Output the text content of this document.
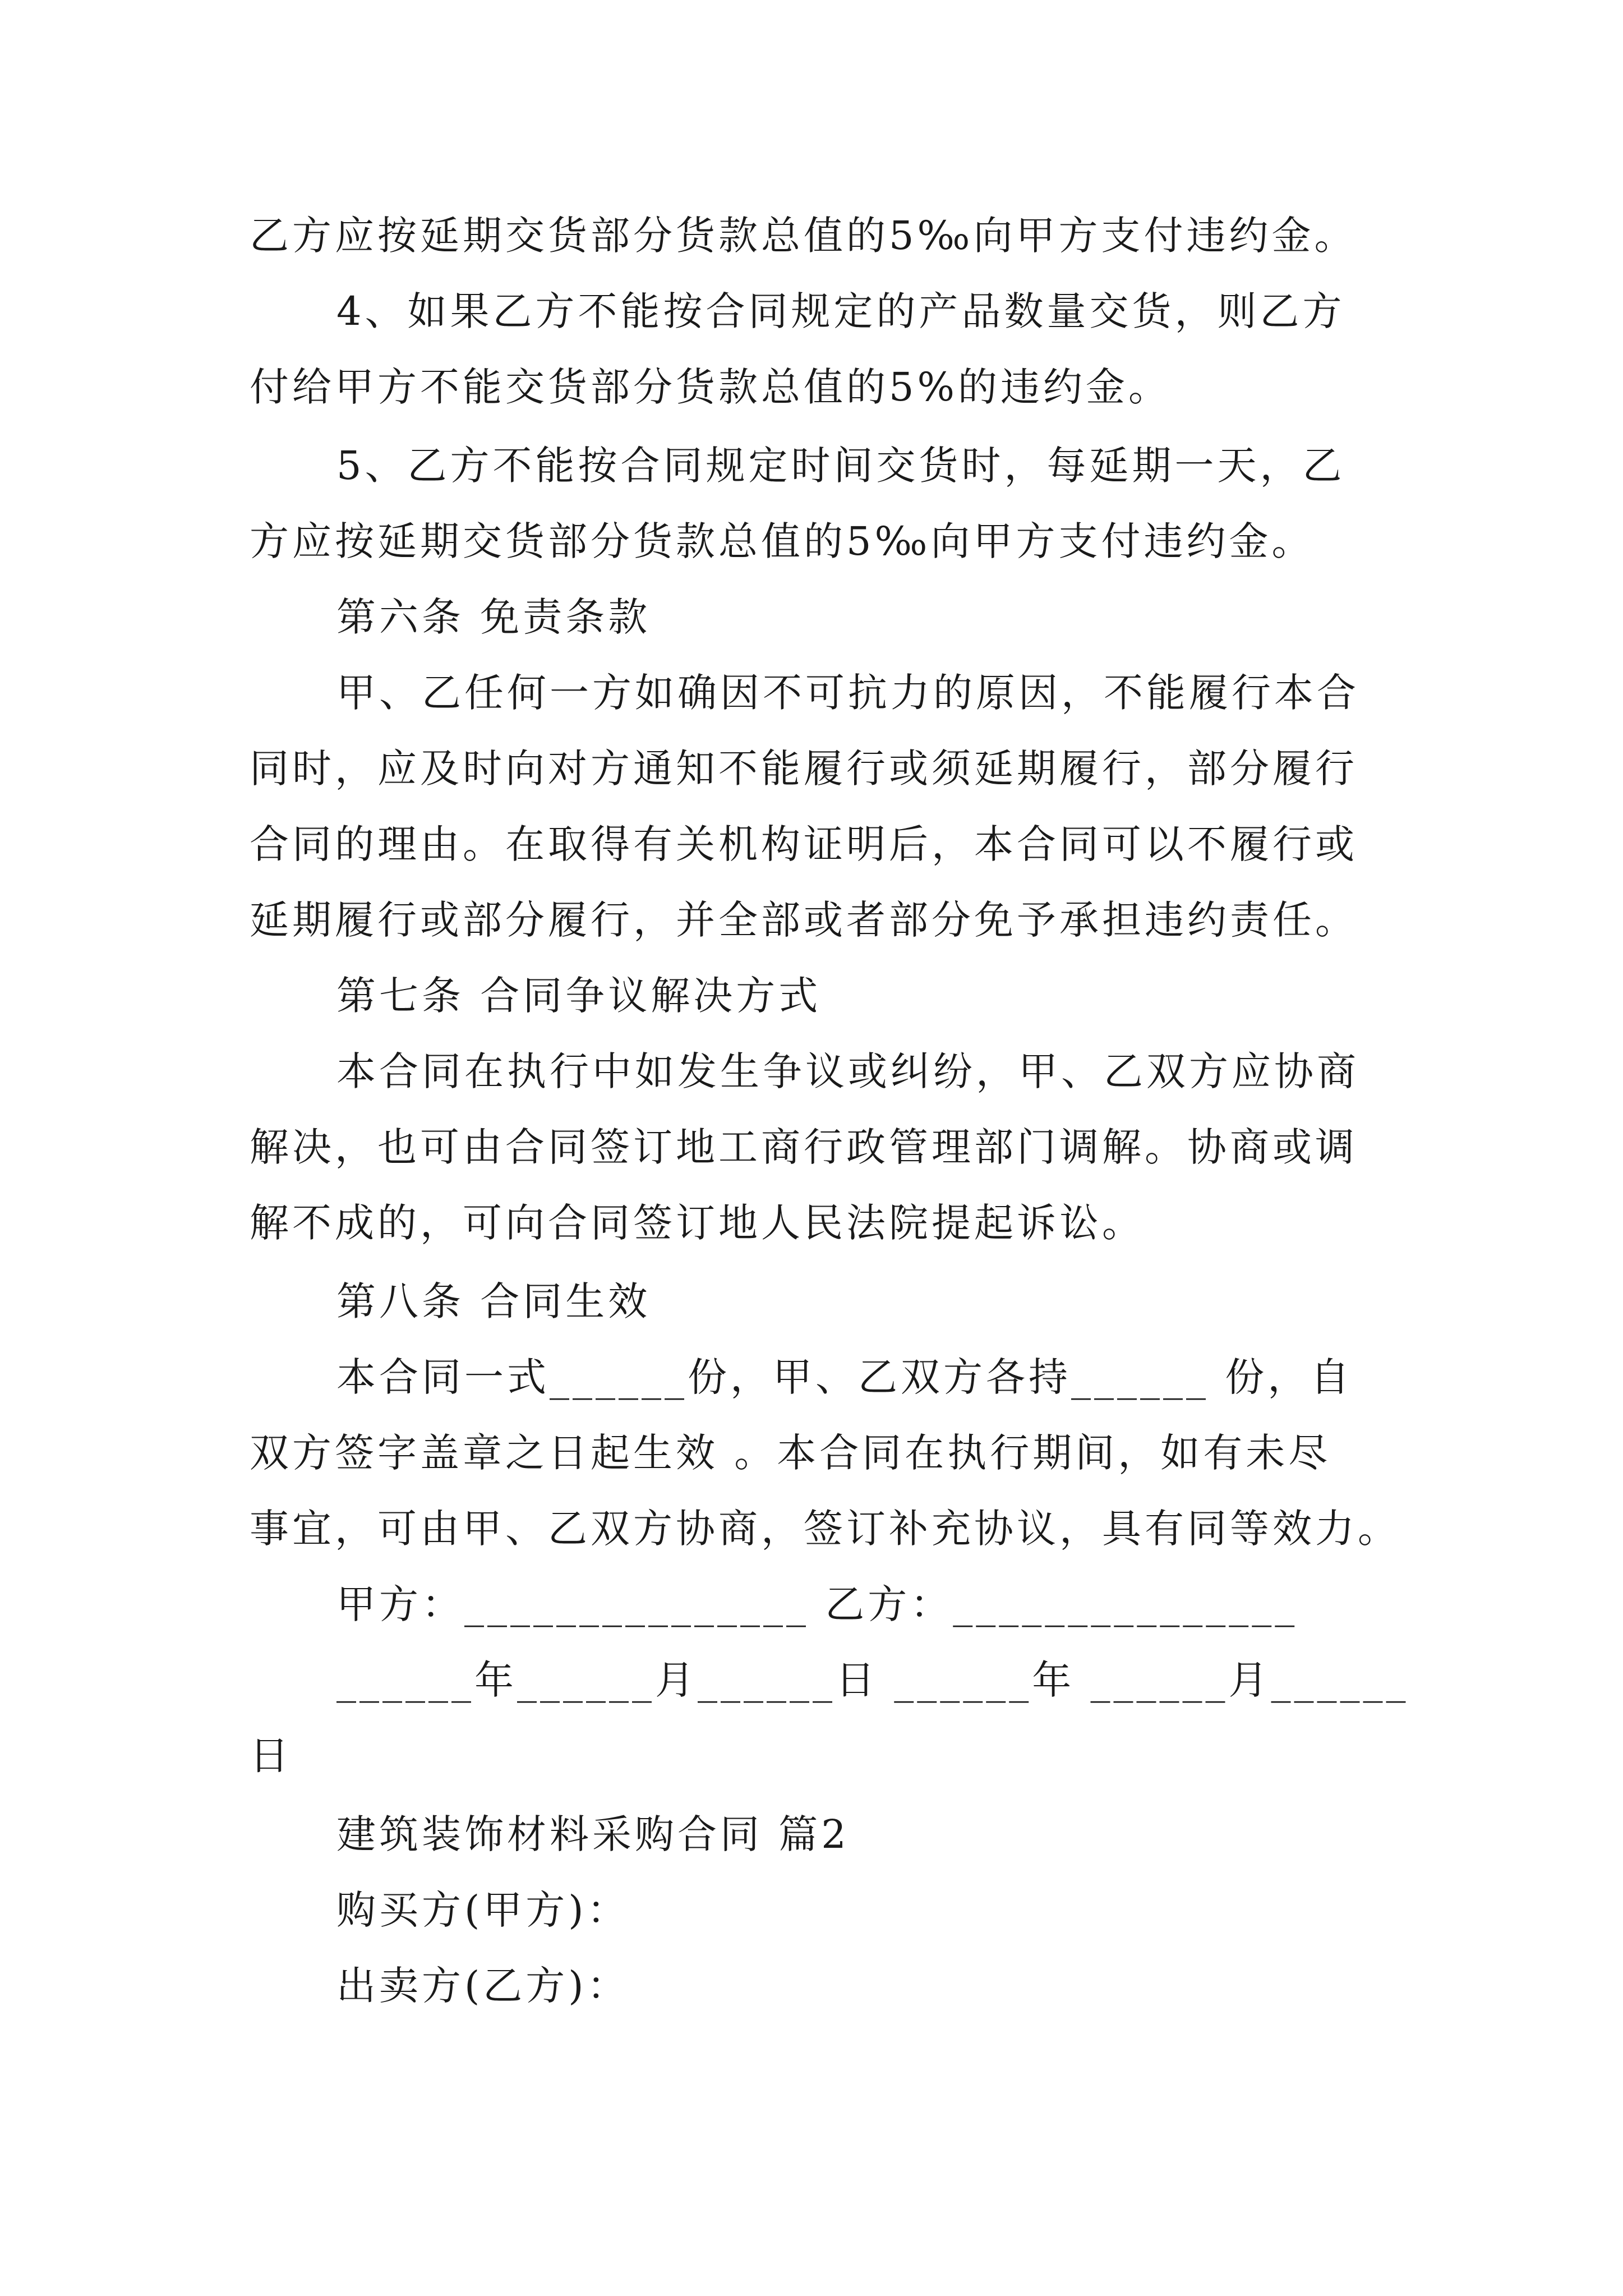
乙方应按延期交货部分货款总值的5‰向甲方支付违约金。
4、如果乙方不能按合同规定的产品数量交货，则乙方
付给甲方不能交货部分货款总值的5%的违约金。
5、乙方不能按合同规定时间交货时，每延期一天，乙
方应按延期交货部分货款总值的5‰向甲方支付违约金。
第六条 免责条款
甲、乙任何一方如确因不可抗力的原因，不能履行本合
同时，应及时向对方通知不能履行或须延期履行，部分履行
合同的理由。在取得有关机构证明后，本合同可以不履行或
延期履行或部分履行，并全部或者部分免予承担违约责任。
第七条 合同争议解决方式
本合同在执行中如发生争议或纠纷，甲、乙双方应协商
解决，也可由合同签订地工商行政管理部门调解。协商或调
解不成的，可向合同签订地人民法院提起诉讼。
第八条 合同生效
本合同一式______份，甲、乙双方各持______ 份，自
双方签字盖章之日起生效 。本合同在执行期间，如有未尽
事宜，可由甲、乙双方协商，签订补充协议，具有同等效力。
甲方：_______________ 乙方：_______________
______年______月______日 ______年 ______月______
日
建筑装饰材料采购合同 篇2
购买方(甲方)：
出卖方(乙方)：
